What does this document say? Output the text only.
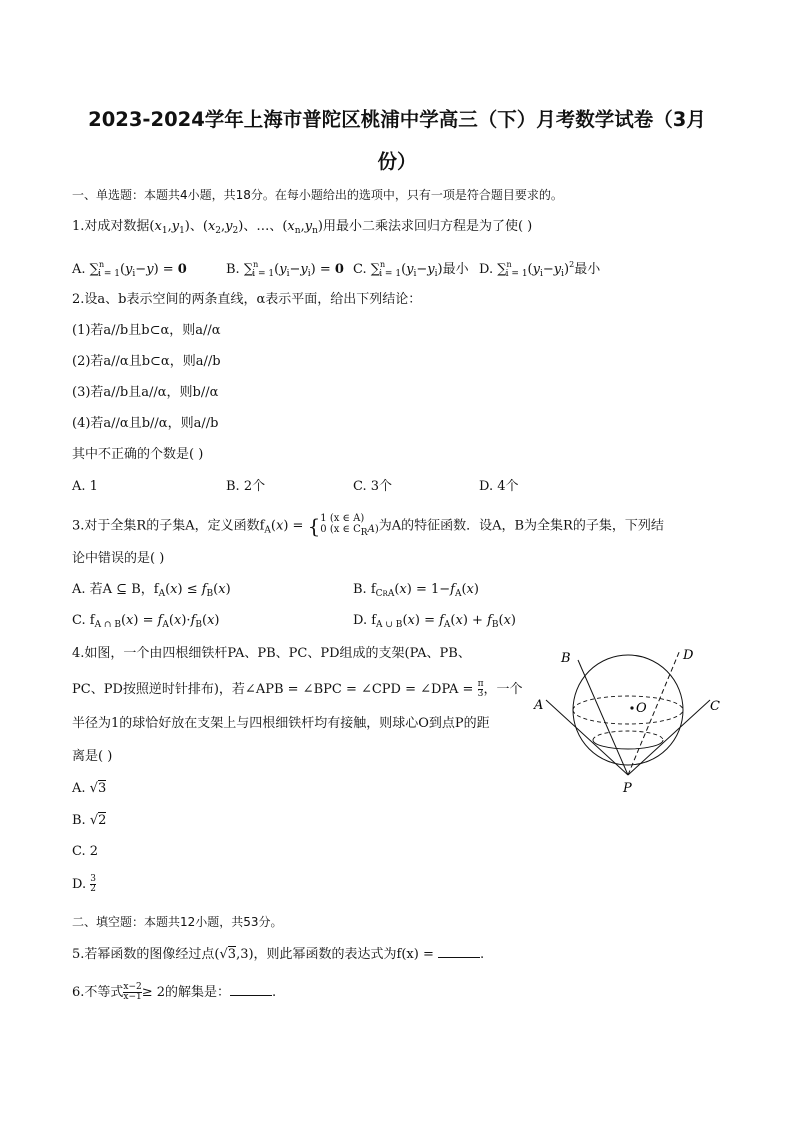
2023-2024学年上海市普陀区桃浦中学高三（下）月考数学试卷（3月
份）
一、单选题：本题共4小题，共18分。在每小题给出的选项中，只有一项是符合题目要求的。
1.对成对数据$(x_1,y_1)$、$(x_2,y_2)$、…、$(x_n,y_n)$用最小二乘法求回归方程是为了使( )
A. $\sum^n_{i = 1}(y_i-y) = 0$	B. $\sum^n_{i = 1}(y_i-y_i) = 0$ C. $\sum^n_{i = 1}(y_i-y_i)$最小 D. $\sum^n_{i = 1}(y_i-y_i)^2$最小
2.设a、b表示空间的两条直线，α表示平面，给出下列结论：
(1)若a//b且b⊂α，则a//α
(2)若a//α且b⊂α，则a//b
(3)若a//b且a//α，则b//α
(4)若a//α且b//α，则a//b
其中不正确的个数是( )
A. 1	B. 2个	C. 3个	D. 4个
3.对于全集R的子集A，定义函数$f_A(x)$ = { 1 (x ∈ A)
0 (x ∈ CRA) 为A的特征函数．设A，B为全集R的子集，下列结
论中错误的是( )
A. 若A ⊆ B，$f_A(x) \le f_B(x)$	B. $f_{CRA}(x) = 1-f_A(x)$
C. $f_{A \cap B}(x) = f_A(x)\cdot f_B(x)$	D. $f_{A \cup B}(x) = f_A(x) + f_B(x)$
4.如图，一个由四根细铁杆PA、PB、PC、PD组成的支架(PA、PB、
PC、PD按照逆时针排布)，若∠APB = ∠BPC = ∠CPD = ∠DPA = $\frac{\pi}{3}$ ，一个
半径为1的球恰好放在支架上与四根细铁杆均有接触，则球心O到点P的距
离是( )
A. √3
B. √2
C. 2
D. $\frac{3}{2}$
B	D
A	C
O
P
二、填空题：本题共12小题，共53分。
5.若幂函数的图像经过点(√3,3)，则此幂函数的表达式为f(x) =	.
6.不等式 $\frac{x-2}{x-1} \ge 2$的解集是：	.
